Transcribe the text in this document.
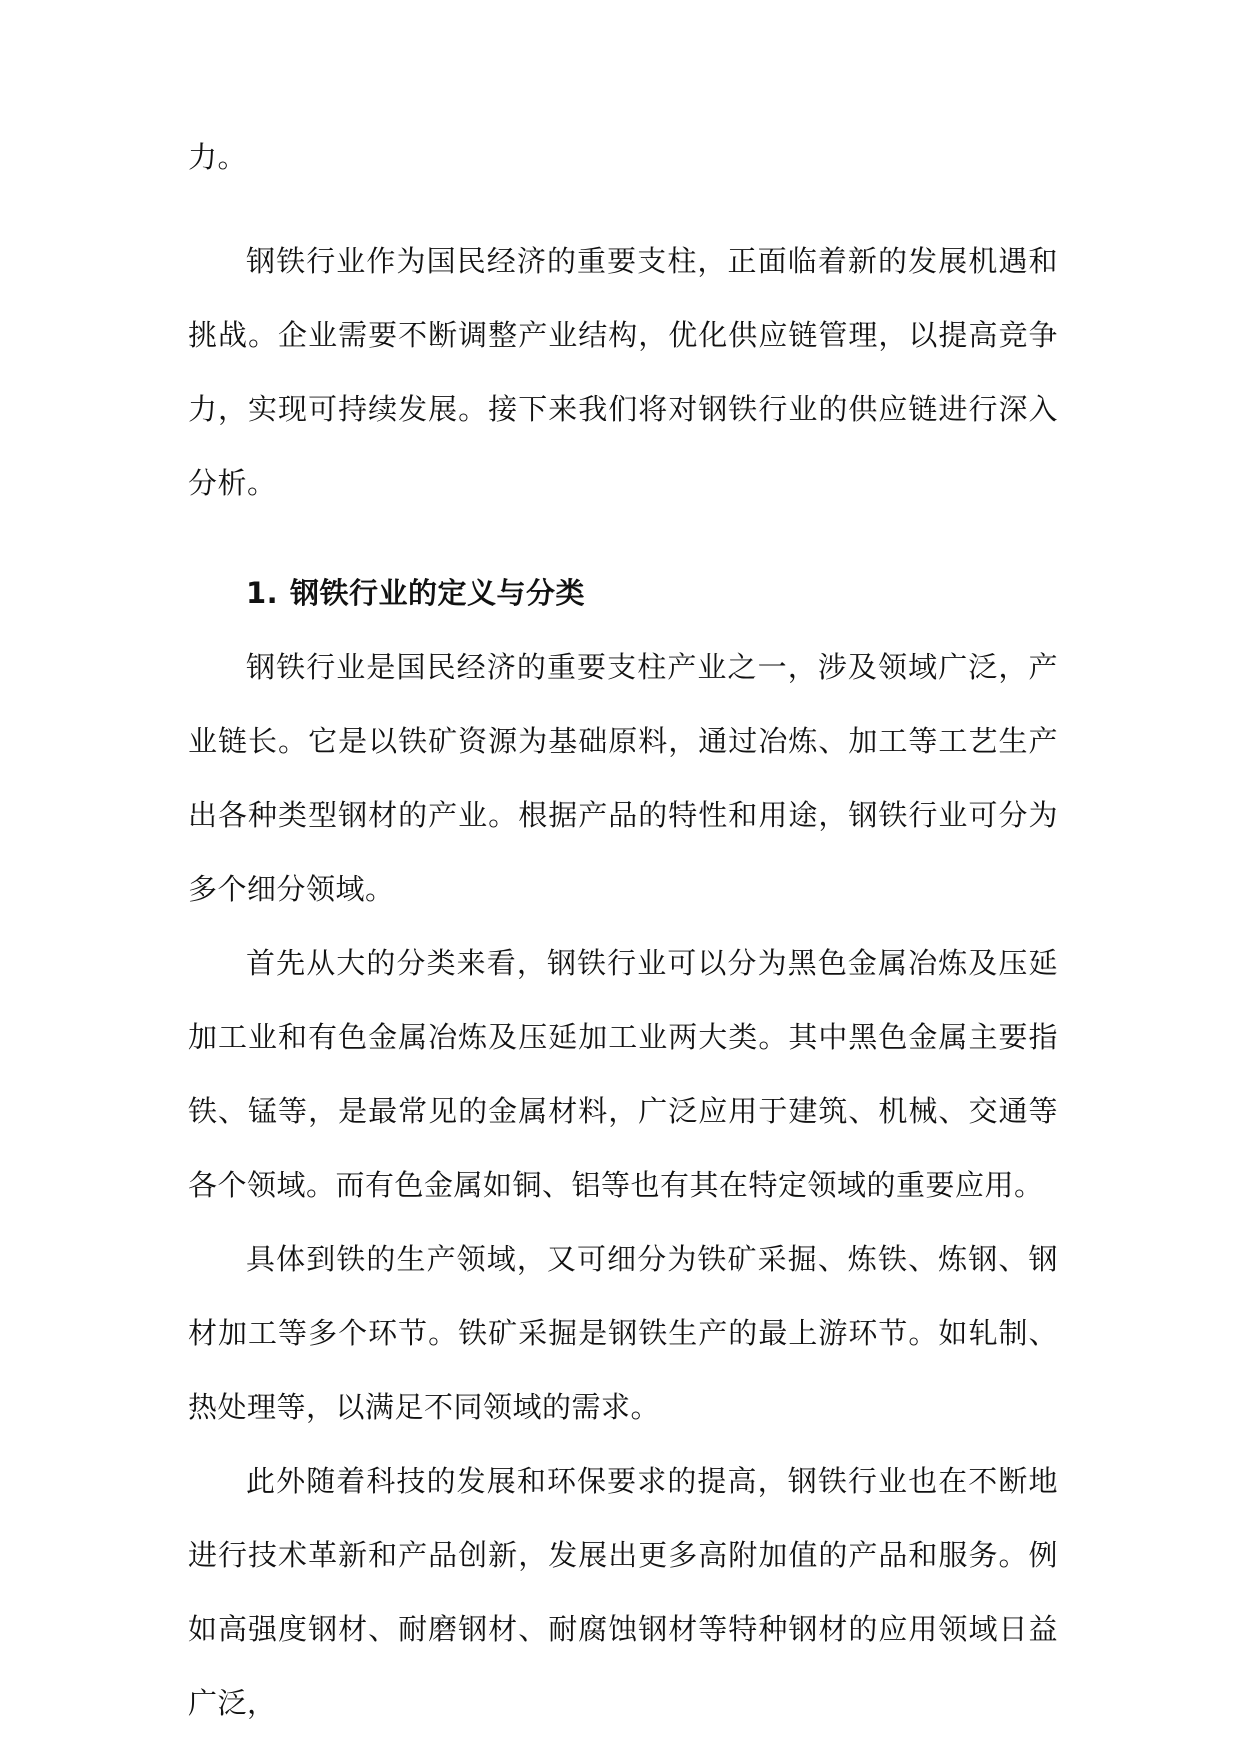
力。

钢铁行业作为国民经济的重要支柱，正面临着新的发展机遇和挑战。企业需要不断调整产业结构，优化供应链管理，以提高竞争力，实现可持续发展。接下来我们将对钢铁行业的供应链进行深入分析。

1. 钢铁行业的定义与分类

钢铁行业是国民经济的重要支柱产业之一，涉及领域广泛，产业链长。它是以铁矿资源为基础原料，通过冶炼、加工等工艺生产出各种类型钢材的产业。根据产品的特性和用途，钢铁行业可分为多个细分领域。

首先从大的分类来看，钢铁行业可以分为黑色金属冶炼及压延加工业和有色金属冶炼及压延加工业两大类。其中黑色金属主要指铁、锰等，是最常见的金属材料，广泛应用于建筑、机械、交通等各个领域。而有色金属如铜、铝等也有其在特定领域的重要应用。

具体到铁的生产领域，又可细分为铁矿采掘、炼铁、炼钢、钢材加工等多个环节。铁矿采掘是钢铁生产的最上游环节。如轧制、热处理等，以满足不同领域的需求。

此外随着科技的发展和环保要求的提高，钢铁行业也在不断地进行技术革新和产品创新，发展出更多高附加值的产品和服务。例如高强度钢材、耐磨钢材、耐腐蚀钢材等特种钢材的应用领域日益广泛，
